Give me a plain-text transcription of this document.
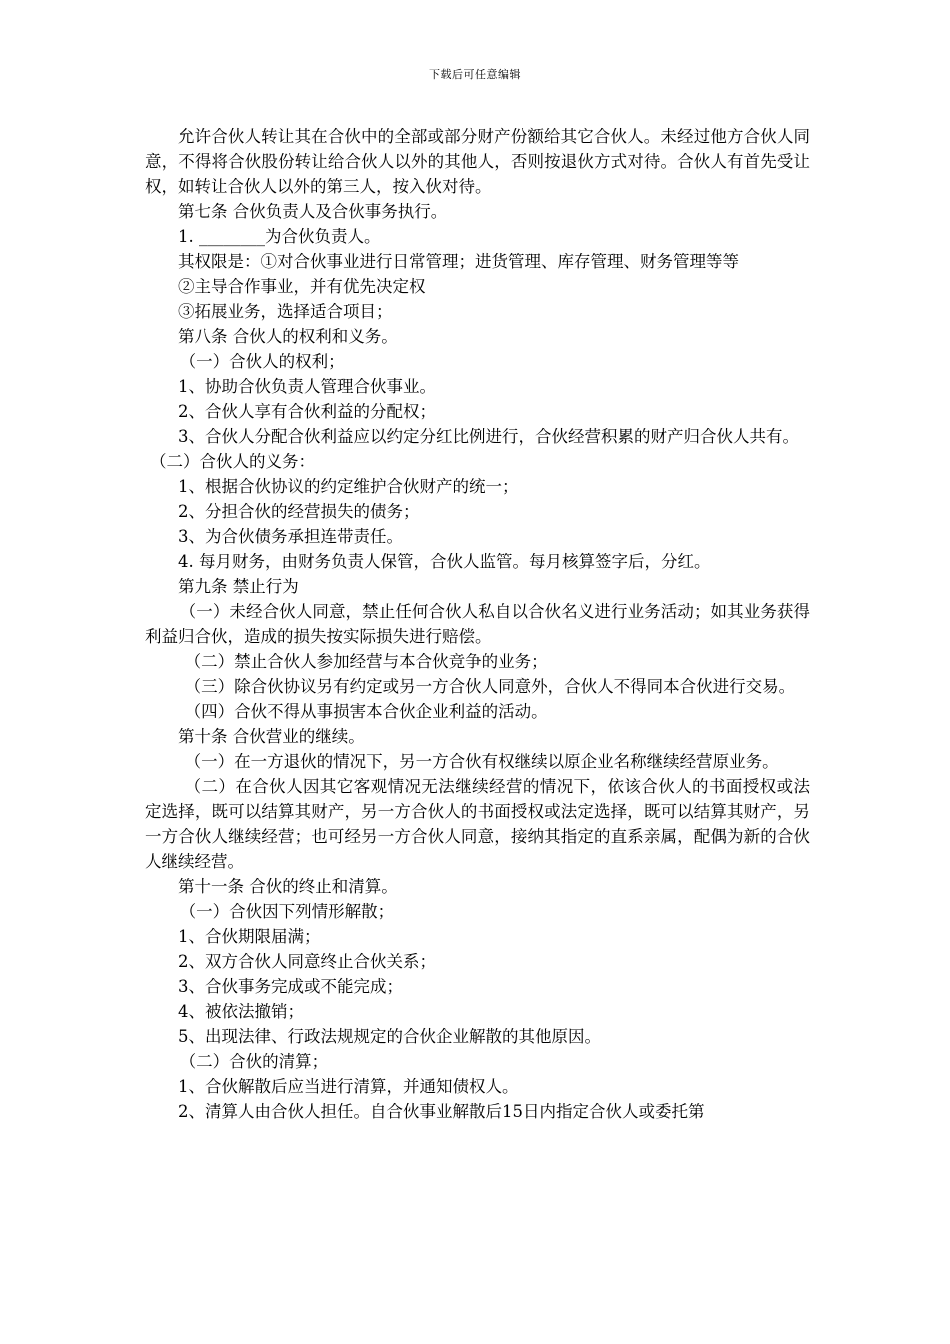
下载后可任意编辑

允许合伙人转让其在合伙中的全部或部分财产份额给其它合伙人。未经过他方合伙人同意，不得将合伙股份转让给合伙人以外的其他人，否则按退伙方式对待。合伙人有首先受让权，如转让合伙人以外的第三人，按入伙对待。

第七条 合伙负责人及合伙事务执行。

1. ________为合伙负责人。

其权限是：①对合伙事业进行日常管理；进货管理、库存管理、财务管理等等

②主导合作事业，并有优先决定权

③拓展业务，选择适合项目；

第八条 合伙人的权利和义务。

（一）合伙人的权利；

1、协助合伙负责人管理合伙事业。

2、合伙人享有合伙利益的分配权；

3、合伙人分配合伙利益应以约定分红比例进行，合伙经营积累的财产归合伙人共有。

（二）合伙人的义务：

1、根据合伙协议的约定维护合伙财产的统一；

2、分担合伙的经营损失的债务；

3、为合伙债务承担连带责任。

4. 每月财务，由财务负责人保管，合伙人监管。每月核算签字后，分红。

第九条 禁止行为

（一）未经合伙人同意，禁止任何合伙人私自以合伙名义进行业务活动；如其业务获得利益归合伙，造成的损失按实际损失进行赔偿。

（二）禁止合伙人参加经营与本合伙竞争的业务；

（三）除合伙协议另有约定或另一方合伙人同意外，合伙人不得同本合伙进行交易。

（四）合伙不得从事损害本合伙企业利益的活动。

第十条 合伙营业的继续。

（一）在一方退伙的情况下，另一方合伙有权继续以原企业名称继续经营原业务。

（二）在合伙人因其它客观情况无法继续经营的情况下，依该合伙人的书面授权或法定选择，既可以结算其财产，另一方合伙人的书面授权或法定选择，既可以结算其财产，另一方合伙人继续经营；也可经另一方合伙人同意，接纳其指定的直系亲属，配偶为新的合伙人继续经营。

第十一条 合伙的终止和清算。

（一）合伙因下列情形解散；

1、合伙期限届满；

2、双方合伙人同意终止合伙关系；

3、合伙事务完成或不能完成；

4、被依法撤销；

5、出现法律、行政法规规定的合伙企业解散的其他原因。

（二）合伙的清算；

1、合伙解散后应当进行清算，并通知债权人。

2、清算人由合伙人担任。自合伙事业解散后15日内指定合伙人或委托第
